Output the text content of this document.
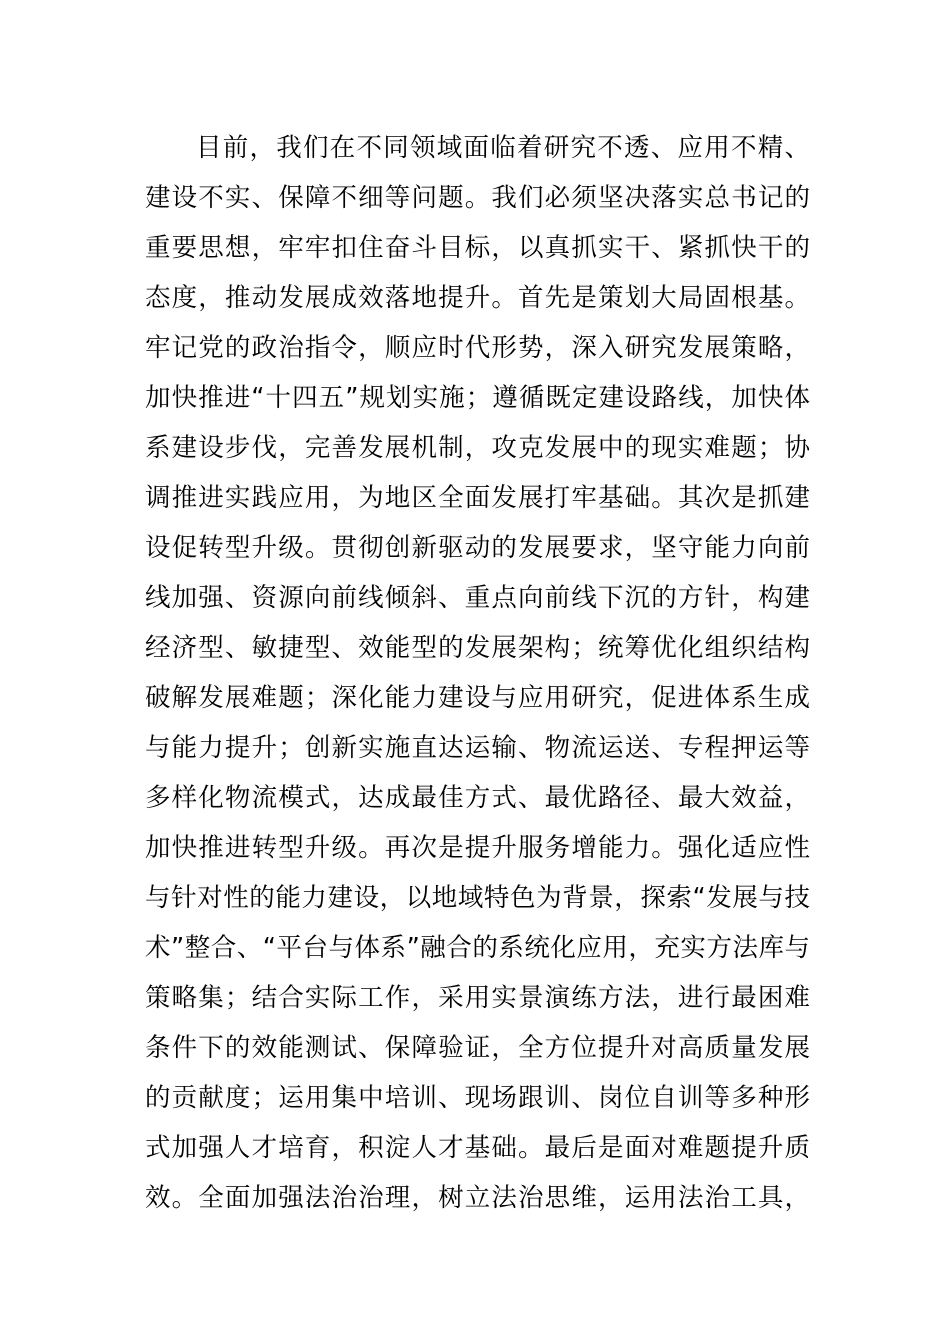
目前，我们在不同领域面临着研究不透、应用不精、
建设不实、保障不细等问题。我们必须坚决落实总书记的
重要思想，牢牢扣住奋斗目标，以真抓实干、紧抓快干的
态度，推动发展成效落地提升。首先是策划大局固根基。
牢记党的政治指令，顺应时代形势，深入研究发展策略，
加快推进“十四五”规划实施；遵循既定建设路线，加快体
系建设步伐，完善发展机制，攻克发展中的现实难题；协
调推进实践应用，为地区全面发展打牢基础。其次是抓建
设促转型升级。贯彻创新驱动的发展要求，坚守能力向前
线加强、资源向前线倾斜、重点向前线下沉的方针，构建
经济型、敏捷型、效能型的发展架构；统筹优化组织结构
破解发展难题；深化能力建设与应用研究，促进体系生成
与能力提升；创新实施直达运输、物流运送、专程押运等
多样化物流模式，达成最佳方式、最优路径、最大效益，
加快推进转型升级。再次是提升服务增能力。强化适应性
与针对性的能力建设，以地域特色为背景，探索“发展与技
术”整合、“平台与体系”融合的系统化应用，充实方法库与
策略集；结合实际工作，采用实景演练方法，进行最困难
条件下的效能测试、保障验证，全方位提升对高质量发展
的贡献度；运用集中培训、现场跟训、岗位自训等多种形
式加强人才培育，积淀人才基础。最后是面对难题提升质
效。全面加强法治治理，树立法治思维，运用法治工具，
